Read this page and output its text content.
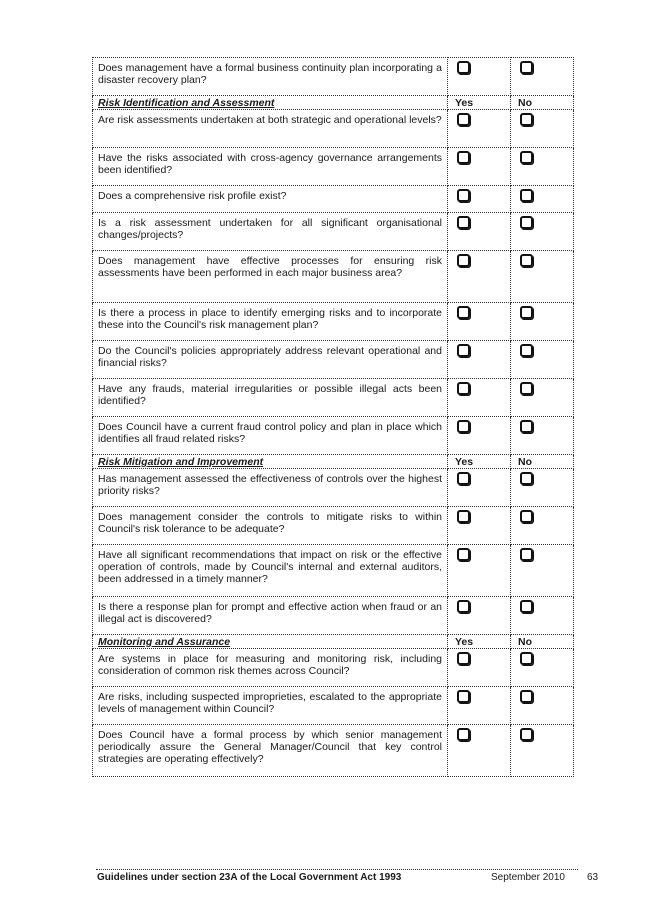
Does management have a formal business continuity plan incorporating a disaster recovery plan?		
Risk Identification and Assessment	Yes	No
Are risk assessments undertaken at both strategic and operational levels?		
Have the risks associated with cross-agency governance arrangements been identified?		
Does a comprehensive risk profile exist?		
Is a risk assessment undertaken for all significant organisational changes/projects?		
Does management have effective processes for ensuring risk assessments have been performed in each major business area?		
Is there a process in place to identify emerging risks and to incorporate these into the Council's risk management plan?		
Do the Council's policies appropriately address relevant operational and financial risks?		
Have any frauds, material irregularities or possible illegal acts been identified?		
Does Council have a current fraud control policy and plan in place which identifies all fraud related risks?		
Risk Mitigation and Improvement	Yes	No
Has management assessed the effectiveness of controls over the highest priority risks?		
Does management consider the controls to mitigate risks to within Council's risk tolerance to be adequate?		
Have all significant recommendations that impact on risk or the effective operation of controls, made by Council's internal and external auditors, been addressed in a timely manner?		
Is there a response plan for prompt and effective action when fraud or an illegal act is discovered?		
Monitoring and Assurance	Yes	No
Are systems in place for measuring and monitoring risk, including consideration of common risk themes across Council?		
Are risks, including suspected improprieties, escalated to the appropriate levels of management within Council?		
Does Council have a formal process by which senior management periodically assure the General Manager/Council that key control strategies are operating effectively?		
Guidelines under section 23A of the Local Government Act 1993	September 2010 63
